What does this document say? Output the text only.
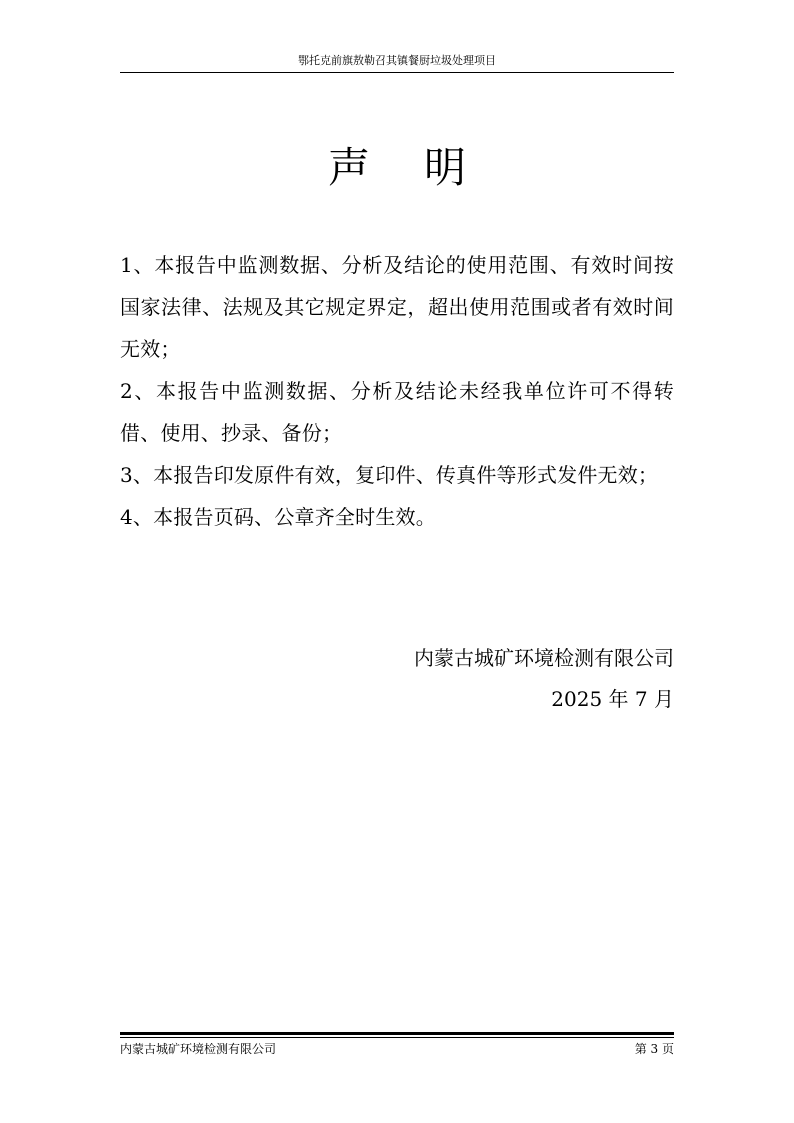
鄂托克前旗敖勒召其镇餐厨垃圾处理项目
声明

1、本报告中监测数据、分析及结论的使用范围、有效时间按国家法律、法规及其它规定界定，超出使用范围或者有效时间无效；

2、本报告中监测数据、分析及结论未经我单位许可不得转借、使用、抄录、备份；

3、本报告印发原件有效，复印件、传真件等形式发件无效；

4、本报告页码、公章齐全时生效。

内蒙古城矿环境检测有限公司
2025 年 7 月
内蒙古城矿环境检测有限公司	第 3 页
